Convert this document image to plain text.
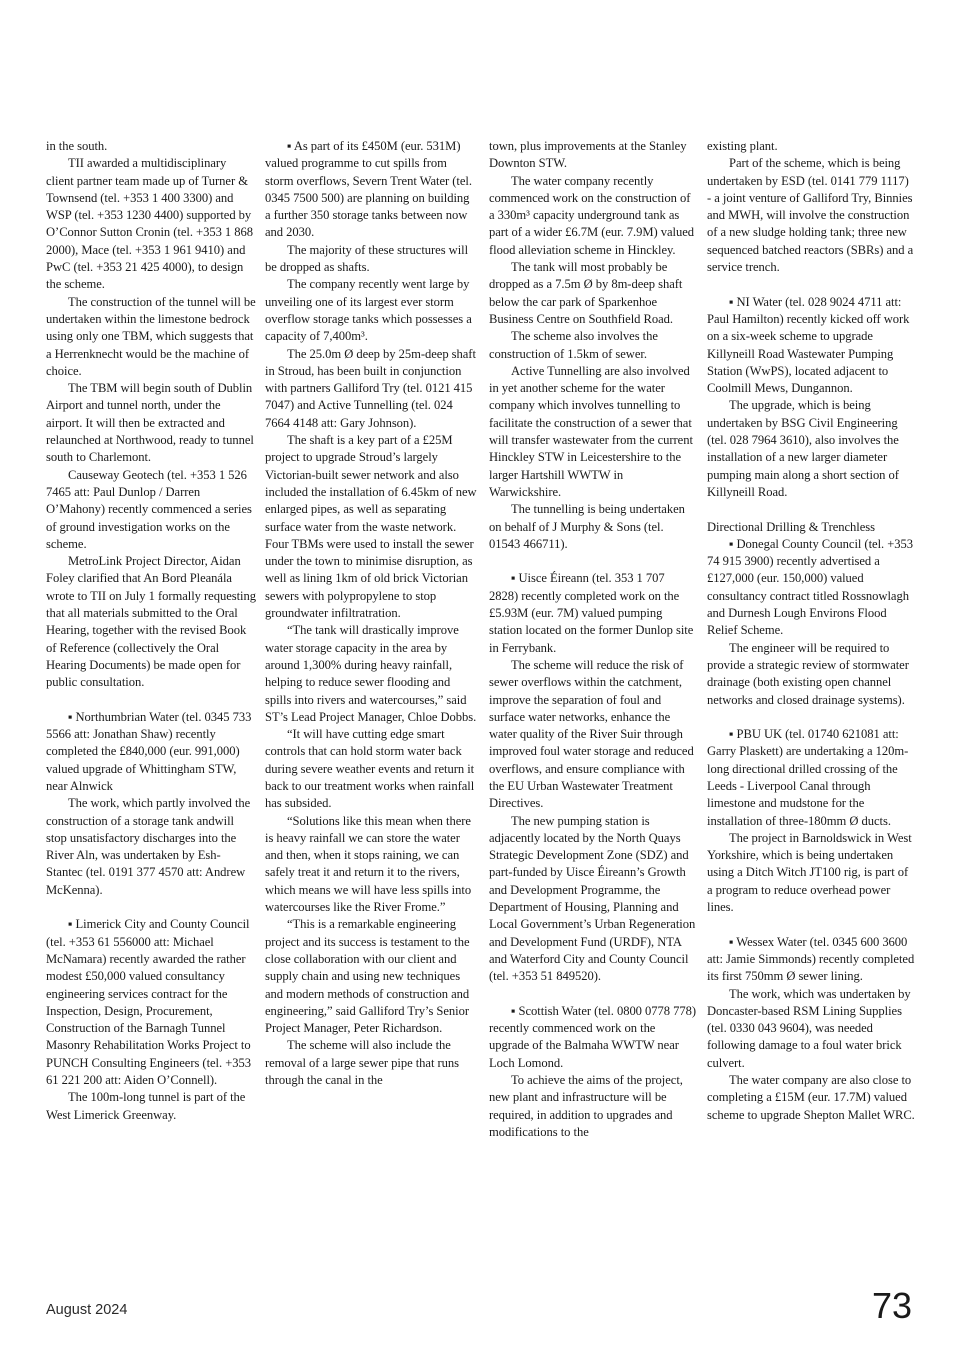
in the south.

TII awarded a multidisciplinary client partner team made up of Turner & Townsend (tel. +353 1 400 3300) and WSP (tel. +353 1230 4400) supported by O’Connor Sutton Cronin (tel. +353 1 868 2000), Mace (tel. +353 1 961 9410) and PwC (tel. +353 21 425 4000), to design the scheme.

The construction of the tunnel will be undertaken within the limestone bedrock using only one TBM, which suggests that a Herrenknecht would be the machine of choice.

The TBM will begin south of Dublin Airport and tunnel north, under the airport. It will then be extracted and relaunched at Northwood, ready to tunnel south to Charlemont.

Causeway Geotech (tel. +353 1 526 7465 att: Paul Dunlop / Darren O’Mahony) recently commenced a series of ground investigation works on the scheme.

MetroLink Project Director, Aidan Foley clarified that An Bord Pleanála wrote to TII on July 1 formally requesting that all materials submitted to the Oral Hearing, together with the revised Book of Reference (collectively the Oral Hearing Documents) be made open for public consultation.

▪ Northumbrian Water (tel. 0345 733 5566 att: Jonathan Shaw) recently completed the £840,000 (eur. 991,000) valued upgrade of Whittingham STW, near Alnwick

The work, which partly involved the construction of a storage tank andwill stop unsatisfactory discharges into the River Aln, was undertaken by Esh-Stantec (tel. 0191 377 4570 att: Andrew McKenna).

▪ Limerick City and County Council (tel. +353 61 556000 att: Michael McNamara) recently awarded the rather modest £50,000 valued consultancy engineering services contract for the Inspection, Design, Procurement, Construction of the Barnagh Tunnel Masonry Rehabilitation Works Project to PUNCH Consulting Engineers (tel. +353 61 221 200 att: Aiden O’Connell).

The 100m-long tunnel is part of the West Limerick Greenway.

▪ As part of its £450M (eur. 531M) valued programme to cut spills from storm overflows, Severn Trent Water (tel. 0345 7500 500) are planning on building a further 350 storage tanks between now and 2030.

The majority of these structures will be dropped as shafts.

The company recently went large by unveiling one of its largest ever storm overflow storage tanks which possesses a capacity of 7,400m³.

The 25.0m Ø deep by 25m-deep shaft in Stroud, has been built in conjunction with partners Galliford Try (tel. 0121 415 7047) and Active Tunnelling (tel. 024 7664 4148 att: Gary Johnson).

The shaft is a key part of a £25M project to upgrade Stroud’s largely Victorian-built sewer network and also included the installation of 6.45km of new enlarged pipes, as well as separating surface water from the waste network. Four TBMs were used to install the sewer under the town to minimise disruption, as well as lining 1km of old brick Victorian sewers with polypropylene to stop groundwater infiltratration.

“The tank will drastically improve water storage capacity in the area by around 1,300% during heavy rainfall, helping to reduce sewer flooding and spills into rivers and watercourses,” said ST’s Lead Project Manager, Chloe Dobbs.

“It will have cutting edge smart controls that can hold storm water back during severe weather events and return it back to our treatment works when rainfall has subsided.

“Solutions like this mean when there is heavy rainfall we can store the water and then, when it stops raining, we can safely treat it and return it to the rivers, which means we will have less spills into watercourses like the River Frome.”

“This is a remarkable engineering project and its success is testament to the close collaboration with our client and supply chain and using new techniques and modern methods of construction and engineering,” said Galliford Try’s Senior Project Manager, Peter Richardson.

The scheme will also include the removal of a large sewer pipe that runs through the canal in the

town, plus improvements at the Stanley Downton STW.

The water company recently commenced work on the construction of a 330m³ capacity underground tank as part of a wider £6.7M (eur. 7.9M) valued flood alleviation scheme in Hinckley.

The tank will most probably be dropped as a 7.5m Ø by 8m-deep shaft below the car park of Sparkenhoe Business Centre on Southfield Road.

The scheme also involves the construction of 1.5km of sewer.

Active Tunnelling are also involved in yet another scheme for the water company which involves tunnelling to facilitate the construction of a sewer that will transfer wastewater from the current Hinckley STW in Leicestershire to the larger Hartshill WWTW in Warwickshire.

The tunnelling is being undertaken on behalf of J Murphy & Sons (tel. 01543 466711).

▪ Uisce Éireann (tel. 353 1 707 2828) recently completed work on the £5.93M (eur. 7M) valued pumping station located on the former Dunlop site in Ferrybank.

The scheme will reduce the risk of sewer overflows within the catchment, improve the separation of foul and surface water networks, enhance the water quality of the River Suir through improved foul water storage and reduced overflows, and ensure compliance with the EU Urban Wastewater Treatment Directives.

The new pumping station is adjacently located by the North Quays Strategic Development Zone (SDZ) and part-funded by Uisce Éireann’s Growth and Development Programme, the Department of Housing, Planning and Local Government’s Urban Regeneration and Development Fund (URDF), NTA and Waterford City and County Council (tel. +353 51 849520).

▪ Scottish Water (tel. 0800 0778 778) recently commenced work on the upgrade of the Balmaha WWTW near Loch Lomond.

To achieve the aims of the project, new plant and infrastructure will be required, in addition to upgrades and modifications to the

existing plant.

Part of the scheme, which is being undertaken by ESD (tel. 0141 779 1117) - a joint venture of Galliford Try, Binnies and MWH, will involve the construction of a new sludge holding tank; three new sequenced batched reactors (SBRs) and a service trench.

▪ NI Water (tel. 028 9024 4711 att: Paul Hamilton) recently kicked off work on a six-week scheme to upgrade Killyneill Road Wastewater Pumping Station (WwPS), located adjacent to Coolmill Mews, Dungannon.

The upgrade, which is being undertaken by BSG Civil Engineering (tel. 028 7964 3610), also involves the installation of a new larger diameter pumping main along a short section of Killyneill Road.

Directional Drilling & Trenchless

▪ Donegal County Council (tel. +353 74 915 3900) recently advertised a £127,000 (eur. 150,000) valued consultancy contract titled Rossnowlagh and Durnesh Lough Environs Flood Relief Scheme.

The engineer will be required to provide a strategic review of stormwater drainage (both existing open channel networks and closed drainage systems).

▪ PBU UK (tel. 01740 621081 att: Garry Plaskett) are undertaking a 120m-long directional drilled crossing of the Leeds - Liverpool Canal through limestone and mudstone for the installation of three-180mm Ø ducts.

The project in Barnoldswick in West Yorkshire, which is being undertaken using a Ditch Witch JT100 rig, is part of a program to reduce overhead power lines.

▪ Wessex Water (tel. 0345 600 3600 att: Jamie Simmonds) recently completed its first 750mm Ø sewer lining.

The work, which was undertaken by Doncaster-based RSM Lining Supplies (tel. 0330 043 9604), was needed following damage to a foul water brick culvert.

The water company are also close to completing a £15M (eur. 17.7M) valued scheme to upgrade Shepton Mallet WRC.

August 2024	73
